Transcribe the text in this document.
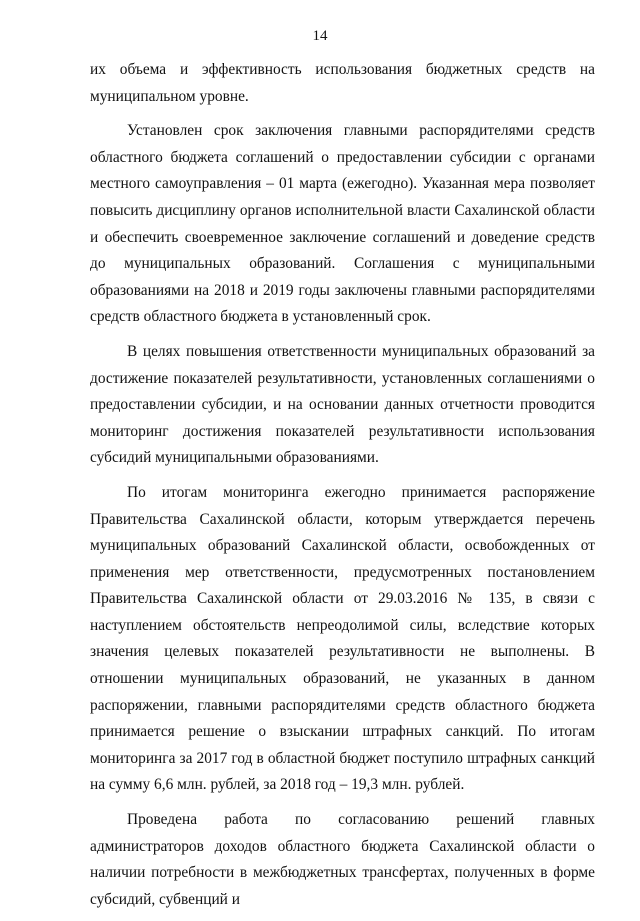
14

их объема и эффективность использования бюджетных средств на муниципальном уровне.

Установлен срок заключения главными распорядителями средств областного бюджета соглашений о предоставлении субсидии с органами местного самоуправления – 01 марта (ежегодно). Указанная мера позволяет повысить дисциплину органов исполнительной власти Сахалинской области и обеспечить своевременное заключение соглашений и доведение средств до муниципальных образований. Соглашения с муниципальными образованиями на 2018 и 2019 годы заключены главными распорядителями средств областного бюджета в установленный срок.

В целях повышения ответственности муниципальных образований за достижение показателей результативности, установленных соглашениями о предоставлении субсидии, и на основании данных отчетности проводится мониторинг достижения показателей результативности использования субсидий муниципальными образованиями.

По итогам мониторинга ежегодно принимается распоряжение Правительства Сахалинской области, которым утверждается перечень муниципальных образований Сахалинской области, освобожденных от применения мер ответственности, предусмотренных постановлением Правительства Сахалинской области от 29.03.2016 № 135, в связи с наступлением обстоятельств непреодолимой силы, вследствие которых значения целевых показателей результативности не выполнены. В отношении муниципальных образований, не указанных в данном распоряжении, главными распорядителями средств областного бюджета принимается решение о взыскании штрафных санкций. По итогам мониторинга за 2017 год в областной бюджет поступило штрафных санкций на сумму 6,6 млн. рублей, за 2018 год – 19,3 млн. рублей.

Проведена работа по согласованию решений главных администраторов доходов областного бюджета Сахалинской области о наличии потребности в межбюджетных трансфертах, полученных в форме субсидий, субвенций и
